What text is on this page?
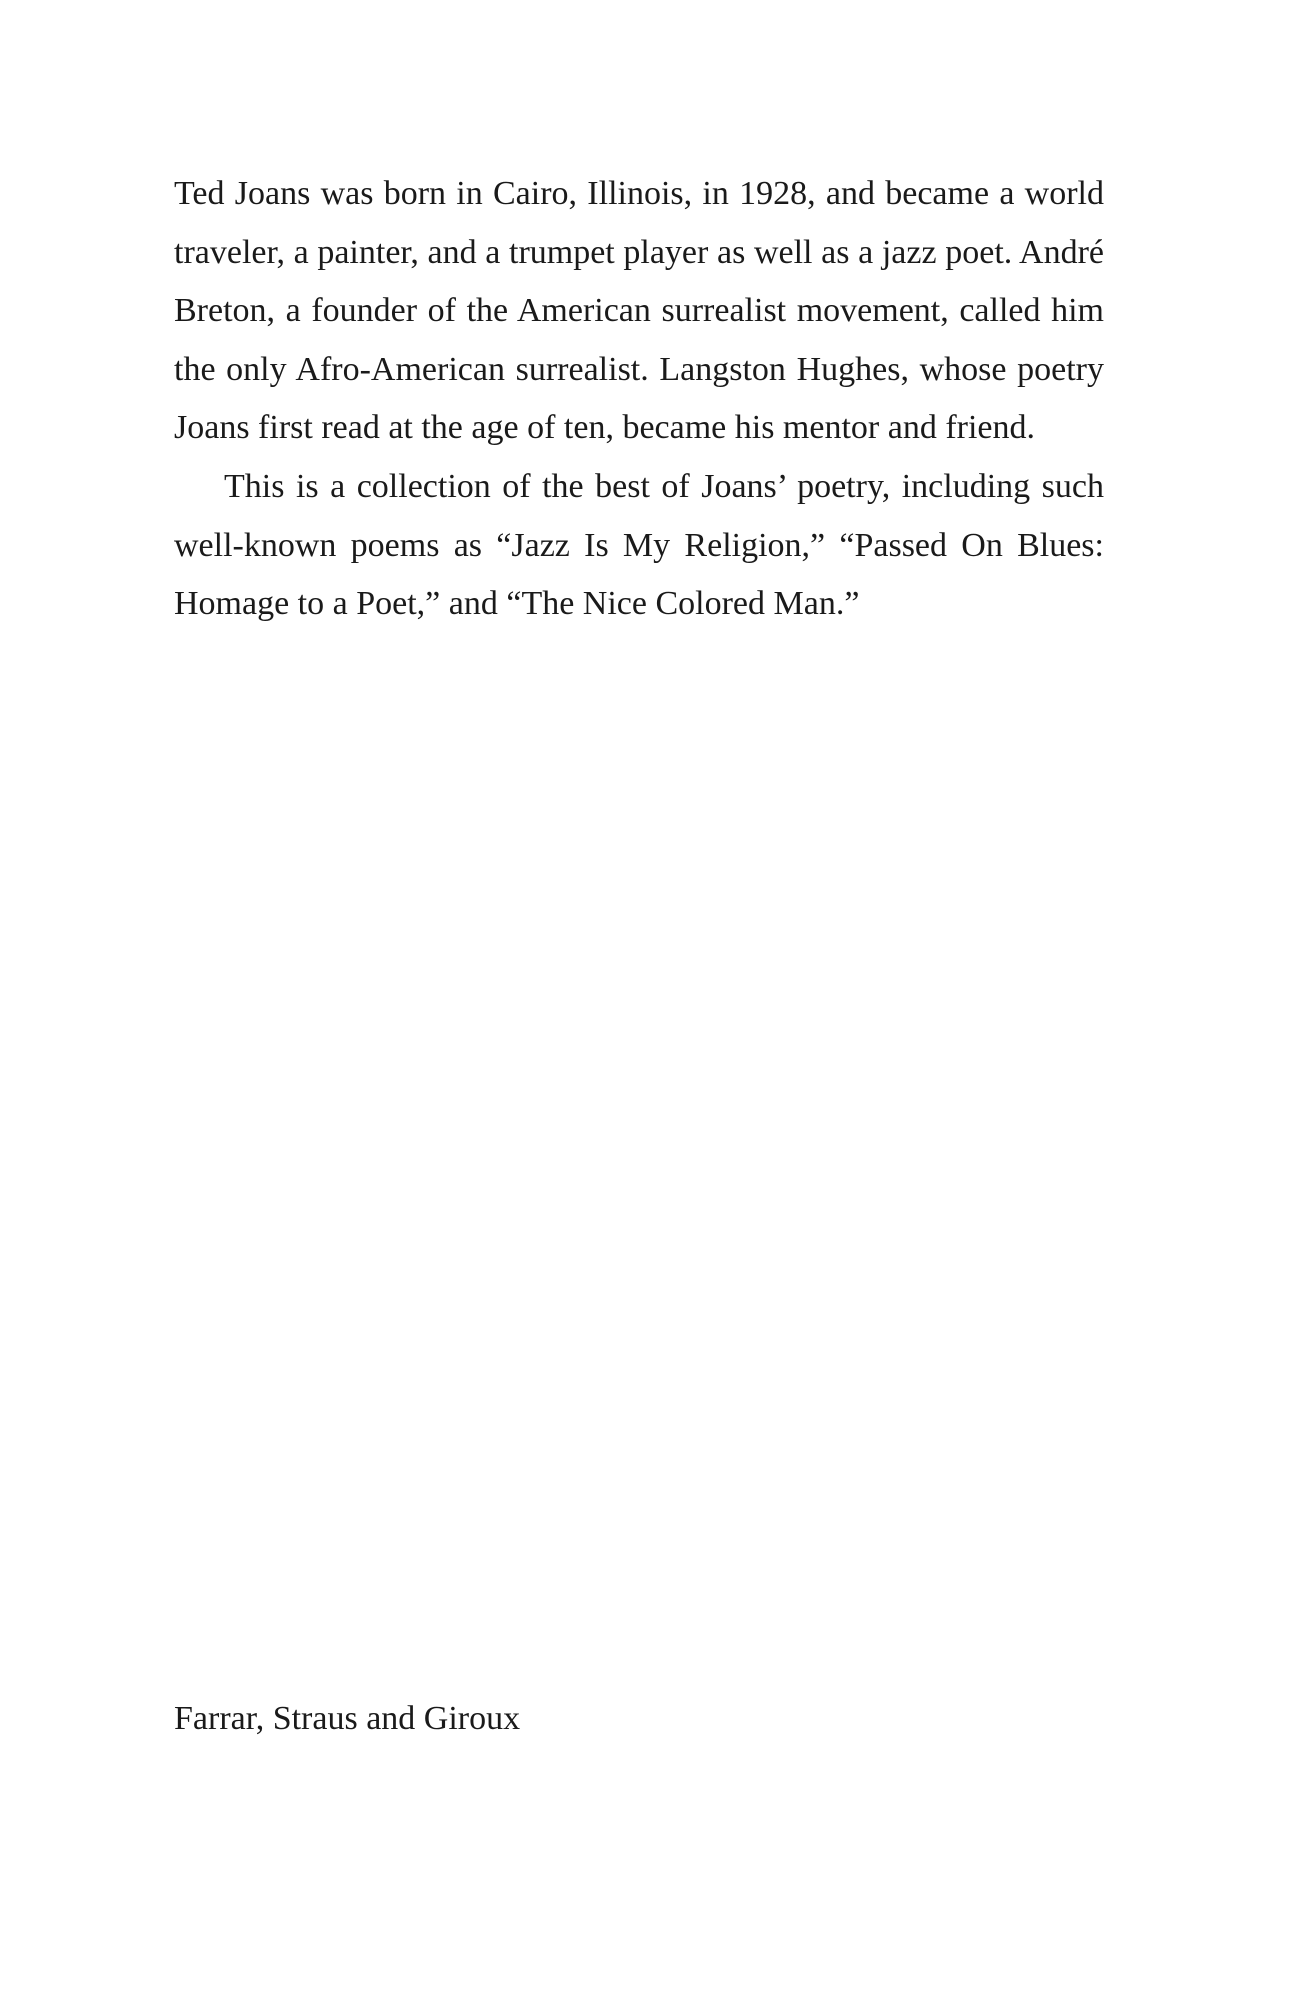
Ted Joans was born in Cairo, Illinois, in 1928, and became a world traveler, a painter, and a trumpet player as well as a jazz poet. André Breton, a founder of the American surrealist movement, called him the only Afro-American surrealist. Langston Hughes, whose poetry Joans first read at the age of ten, became his mentor and friend.

This is a collection of the best of Joans’ poetry, including such well-known poems as “Jazz Is My Religion,” “Passed On Blues: Homage to a Poet,” and “The Nice Colored Man.”

Farrar, Straus and Giroux
